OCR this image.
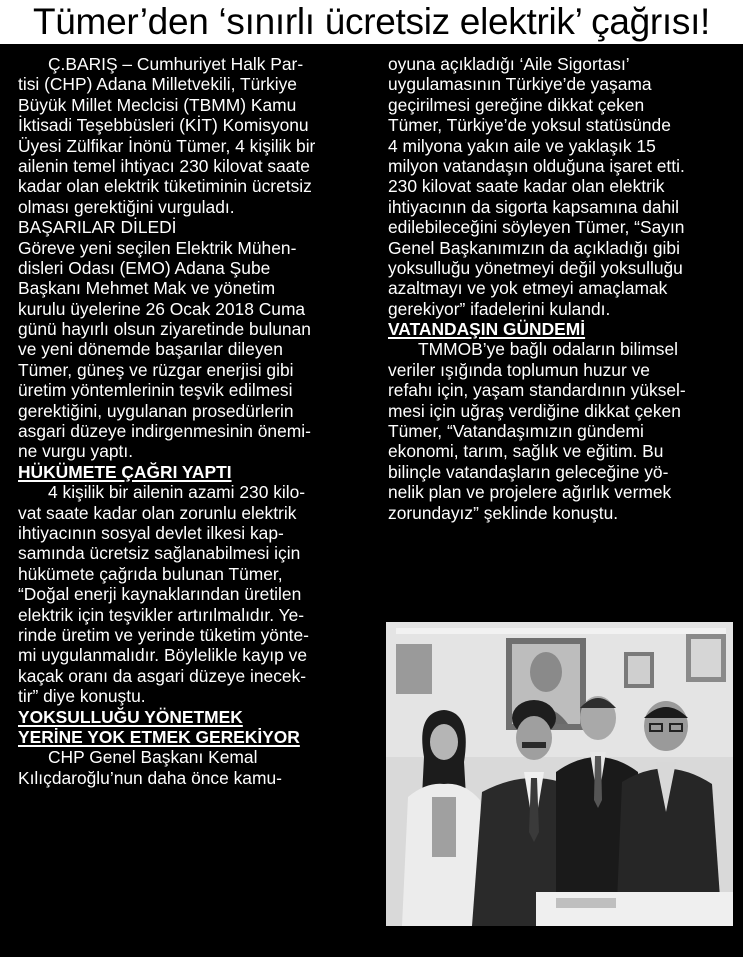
Tümer’den ‘sınırlı ücretsiz elektrik’ çağrısı!
Ç.BARIŞ – Cumhuriyet Halk Par-
tisi (CHP) Adana Milletvekili, Türkiye
Büyük Millet Meclcisi (TBMM) Kamu
İktisadi Teşebbüsleri (KİT) Komisyonu
Üyesi Zülfikar İnönü Tümer, 4 kişilik bir
ailenin temel ihtiyacı 230 kilovat saate
kadar olan elektrik tüketiminin ücretsiz
olması gerektiğini vurguladı.
BAŞARILAR DİLEDİ
Göreve yeni seçilen Elektrik Mühen-
disleri Odası (EMO) Adana Şube
Başkanı Mehmet Mak ve yönetim
kurulu üyelerine 26 Ocak 2018 Cuma
günü hayırlı olsun ziyaretinde bulunan
ve yeni dönemde başarılar dileyen
Tümer, güneş ve rüzgar enerjisi gibi
üretim yöntemlerinin teşvik edilmesi
gerektiğini, uygulanan prosedürlerin
asgari düzeye indirgenmesinin önemi-
ne vurgu yaptı.
HÜKÜMETE ÇAĞRI YAPTI
4 kişilik bir ailenin azami 230 kilo-
vat saate kadar olan zorunlu elektrik
ihtiyacının sosyal devlet ilkesi kap-
samında ücretsiz sağlanabilmesi için
hükümete çağrıda bulunan Tümer,
“Doğal enerji kaynaklarından üretilen
elektrik için teşvikler artırılmalıdır. Ye-
rinde üretim ve yerinde tüketim yönte-
mi uygulanmalıdır. Böylelikle kayıp ve
kaçak oranı da asgari düzeye inecek-
tir” diye konuştu.
YOKSULLUĞU YÖNETMEK
YERİNE YOK ETMEK GEREKİYOR
CHP Genel Başkanı Kemal
Kılıçdaroğlu’nun daha önce kamu-
oyuna açıkladığı ‘Aile Sigortası’
uygulamasının Türkiye’de yaşama
geçirilmesi gereğine dikkat çeken
Tümer, Türkiye’de yoksul statüsünde
4 milyona yakın aile ve yaklaşık 15
milyon vatandaşın olduğuna işaret etti.
230 kilovat saate kadar olan elektrik
ihtiyacının da sigorta kapsamına dahil
edilebileceğini söyleyen Tümer, “Sayın
Genel Başkanımızın da açıkladığı gibi
yoksulluğu yönetmeyi değil yoksulluğu
azaltmayı ve yok etmeyi amaçlamak
gerekiyor” ifadelerini kulandı.
VATANDAŞIN GÜNDEMİ
TMMOB’ye bağlı odaların bilimsel
veriler ışığında toplumun huzur ve
refahı için, yaşam standardının yüksel-
mesi için uğraş verdiğine dikkat çeken
Tümer, “Vatandaşımızın gündemi
ekonomi, tarım, sağlık ve eğitim. Bu
bilinçle vatandaşların geleceğine yö-
nelik plan ve projelere ağırlık vermek
zorundayız” şeklinde konuştu.
